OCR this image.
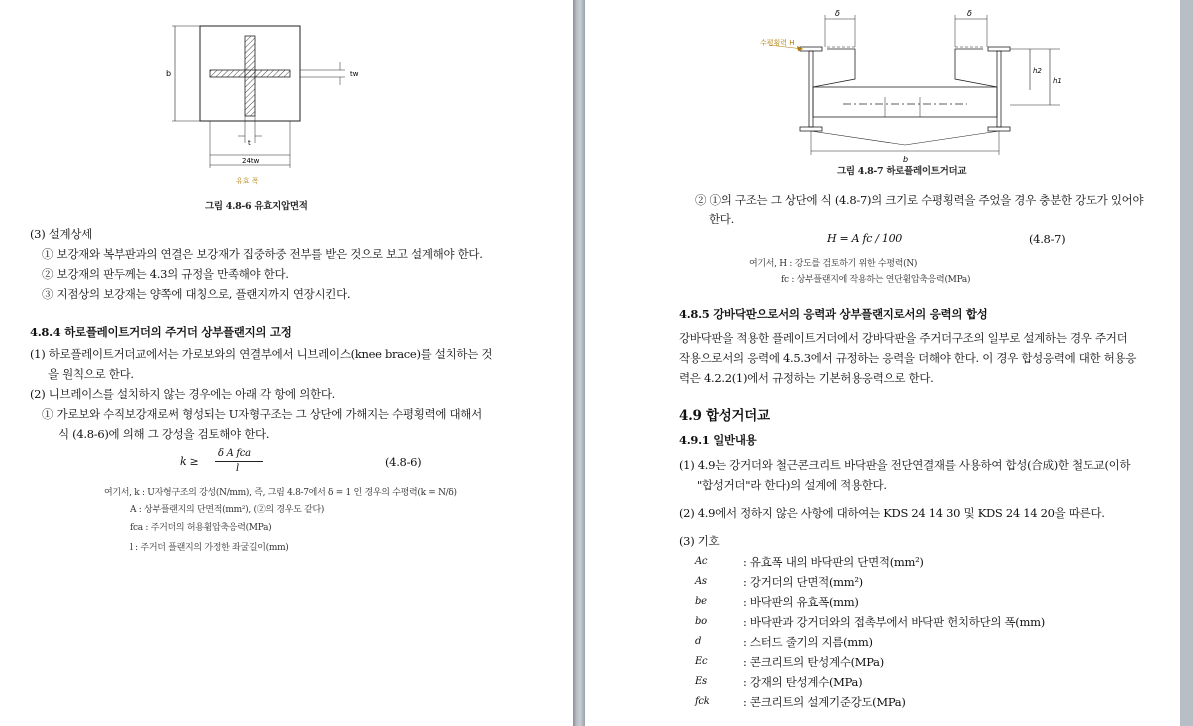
b	tw
t
24tw
유효 폭
그림 4.8-6 유효지압면적
(3) 설계상세
① 보강재와 복부판과의 연결은 보강재가 집중하중 전부를 받은 것으로 보고 설계해야 한다.
② 보강재의 판두께는 4.3의 규정을 만족해야 한다.
③ 지점상의 보강재는 양쪽에 대칭으로, 플랜지까지 연장시킨다.
4.8.4 하로플레이트거더의 주거더 상부플랜지의 고정
(1) 하로플레이트거더교에서는 가로보와의 연결부에서 니브레이스(knee brace)를 설치하는 것
을 원칙으로 한다.
(2) 니브레이스를 설치하지 않는 경우에는 아래 각 항에 의한다.
① 가로보와 수직보강재로써 형성되는 U자형구조는 그 상단에 가해지는 수평횡력에 대해서
식 (4.8-6)에 의해 그 강성을 검토해야 한다.
k ≥
δ A fca
l	(4.8-6)
여기서, k : U자형구조의 강성(N/mm), 즉, 그림 4.8-7에서 δ = 1 인 경우의 수평력(k = N/δ)
A : 상부플랜지의 단면적(mm²), (②의 경우도 같다)
fca : 주거더의 허용휨압축응력(MPa)
l : 주거더 플랜지의 가정한 좌굴길이(mm)
δ	δ
수평횡력 H
h2
h1
b
그림 4.8-7 하로플레이트거더교
② ①의 구조는 그 상단에 식 (4.8-7)의 크기로 수평횡력을 주었을 경우 충분한 강도가 있어야
한다.
H = A fc / 100	(4.8-7)
여기서, H : 강도를 검토하기 위한 수평력(N)
fc : 상부플랜지에 작용하는 연단휨압축응력(MPa)
4.8.5 강바닥판으로서의 응력과 상부플랜지로서의 응력의 합성
강바닥판을 적용한 플레이트거더에서 강바닥판을 주거더구조의 일부로 설계하는 경우 주거더
작용으로서의 응력에 4.5.3에서 규정하는 응력을 더해야 한다. 이 경우 합성응력에 대한 허용응
력은 4.2.2(1)에서 규정하는 기본허용응력으로 한다.
4.9 합성거더교
4.9.1 일반내용
(1) 4.9는 강거더와 철근콘크리트 바닥판을 전단연결재를 사용하여 합성(合成)한 철도교(이하
"합성거더"라 한다)의 설계에 적용한다.
(2) 4.9에서 정하지 않은 사항에 대하여는 KDS 24 14 30 및 KDS 24 14 20을 따른다.
(3) 기호
Ac	: 유효폭 내의 바닥판의 단면적(mm²)
As	: 강거더의 단면적(mm²)
be	: 바닥판의 유효폭(mm)
bo	: 바닥판과 강거더와의 접촉부에서 바닥판 헌치하단의 폭(mm)
d	: 스터드 줄기의 지름(mm)
Ec	: 콘크리트의 탄성계수(MPa)
Es	: 강재의 탄성계수(MPa)
fck	: 콘크리트의 설계기준강도(MPa)
